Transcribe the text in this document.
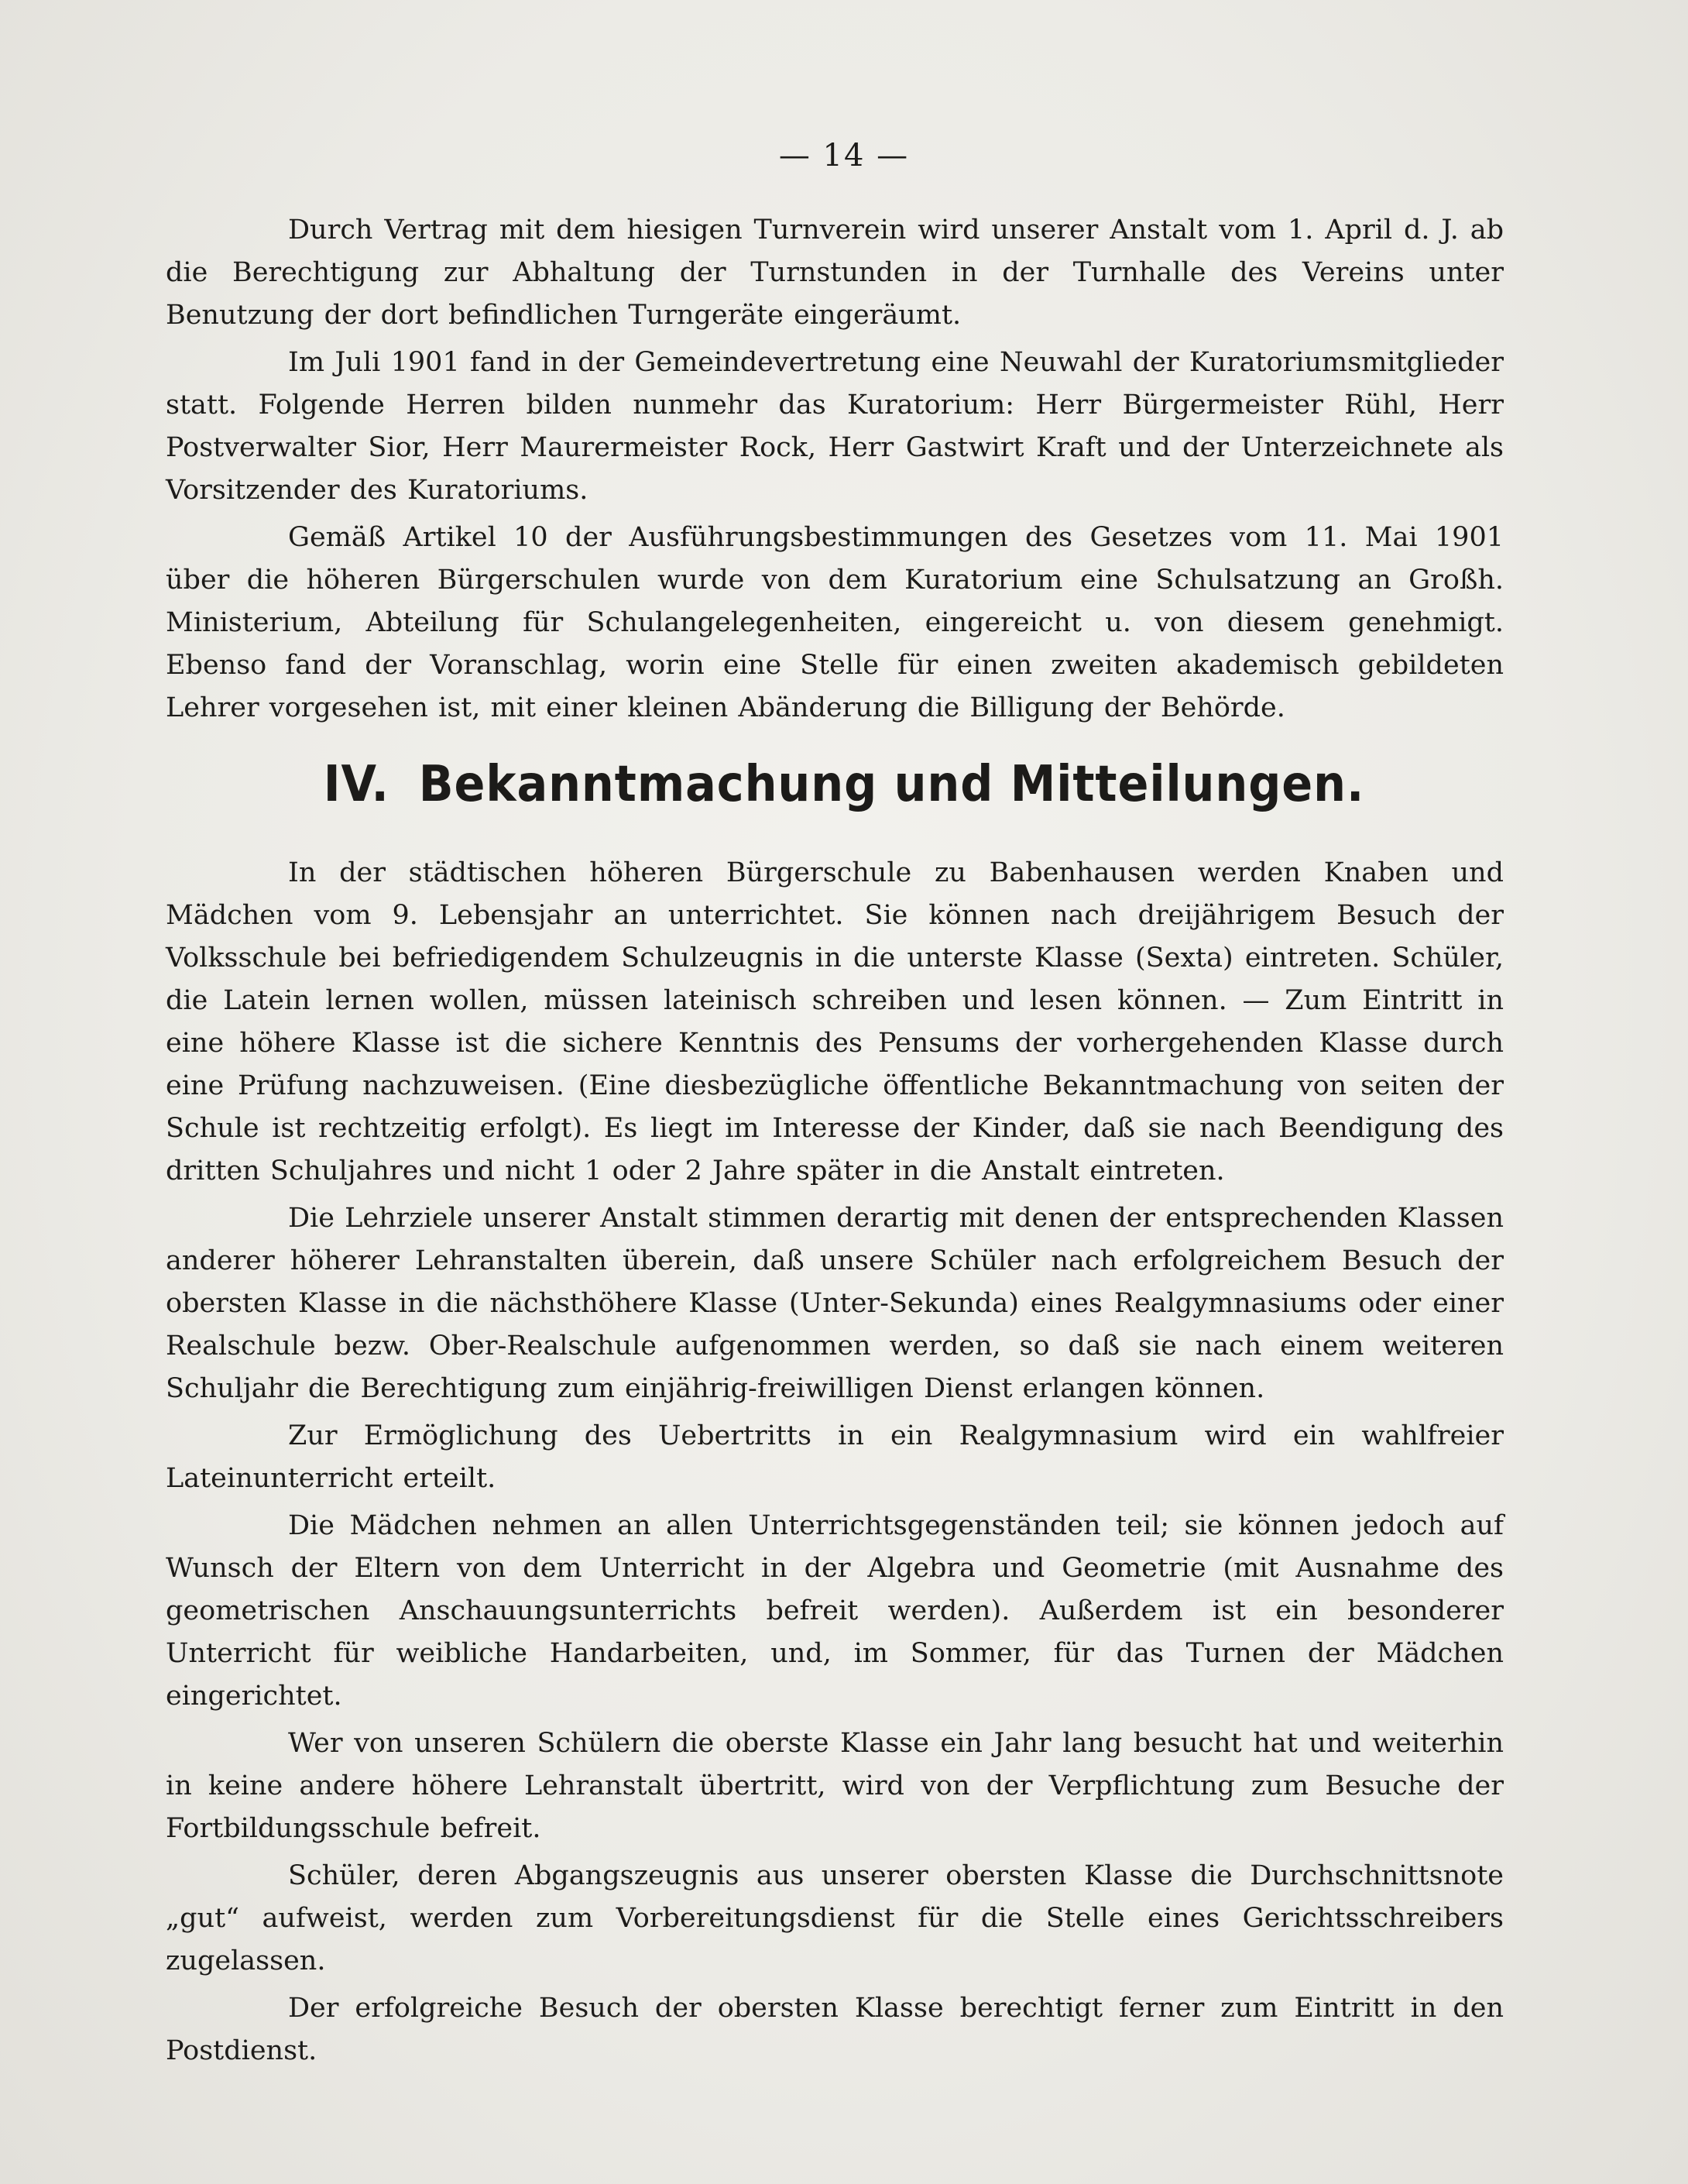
— 14 —

Durch Vertrag mit dem hiesigen Turnverein wird unserer Anstalt vom 1. April d. J. ab die Berechtigung zur Abhaltung der Turnstunden in der Turnhalle des Vereins unter Benutzung der dort befindlichen Turngeräte eingeräumt.

Im Juli 1901 fand in der Gemeindevertretung eine Neuwahl der Kuratoriumsmitglieder statt. Folgende Herren bilden nunmehr das Kuratorium: Herr Bürgermeister Rühl, Herr Postverwalter Sior, Herr Maurermeister Rock, Herr Gastwirt Kraft und der Unterzeichnete als Vorsitzender des Kuratoriums.

Gemäß Artikel 10 der Ausführungsbestimmungen des Gesetzes vom 11. Mai 1901 über die höheren Bürgerschulen wurde von dem Kuratorium eine Schulsatzung an Großh. Ministerium, Abteilung für Schulangelegenheiten, eingereicht u. von diesem genehmigt. Ebenso fand der Voranschlag, worin eine Stelle für einen zweiten akademisch gebildeten Lehrer vorgesehen ist, mit einer kleinen Abänderung die Billigung der Behörde.

IV. Bekanntmachung und Mitteilungen.

In der städtischen höheren Bürgerschule zu Babenhausen werden Knaben und Mädchen vom 9. Lebensjahr an unterrichtet. Sie können nach dreijährigem Besuch der Volksschule bei befriedigendem Schulzeugnis in die unterste Klasse (Sexta) eintreten. Schüler, die Latein lernen wollen, müssen lateinisch schreiben und lesen können. — Zum Eintritt in eine höhere Klasse ist die sichere Kenntnis des Pensums der vorhergehenden Klasse durch eine Prüfung nachzuweisen. (Eine diesbezügliche öffentliche Bekanntmachung von seiten der Schule ist rechtzeitig erfolgt). Es liegt im Interesse der Kinder, daß sie nach Beendigung des dritten Schuljahres und nicht 1 oder 2 Jahre später in die Anstalt eintreten.

Die Lehrziele unserer Anstalt stimmen derartig mit denen der entsprechenden Klassen anderer höherer Lehranstalten überein, daß unsere Schüler nach erfolgreichem Besuch der obersten Klasse in die nächsthöhere Klasse (Unter-Sekunda) eines Realgymnasiums oder einer Realschule bezw. Ober-Realschule aufgenommen werden, so daß sie nach einem weiteren Schuljahr die Berechtigung zum einjährig-freiwilligen Dienst erlangen können.

Zur Ermöglichung des Uebertritts in ein Realgymnasium wird ein wahlfreier Lateinunterricht erteilt.

Die Mädchen nehmen an allen Unterrichtsgegenständen teil; sie können jedoch auf Wunsch der Eltern von dem Unterricht in der Algebra und Geometrie (mit Ausnahme des geometrischen Anschauungsunterrichts befreit werden). Außerdem ist ein besonderer Unterricht für weibliche Handarbeiten, und, im Sommer, für das Turnen der Mädchen eingerichtet.

Wer von unseren Schülern die oberste Klasse ein Jahr lang besucht hat und weiterhin in keine andere höhere Lehranstalt übertritt, wird von der Verpflichtung zum Besuche der Fortbildungsschule befreit.

Schüler, deren Abgangszeugnis aus unserer obersten Klasse die Durchschnittsnote „gut“ aufweist, werden zum Vorbereitungsdienst für die Stelle eines Gerichtsschreibers zugelassen.

Der erfolgreiche Besuch der obersten Klasse berechtigt ferner zum Eintritt in den Postdienst.
